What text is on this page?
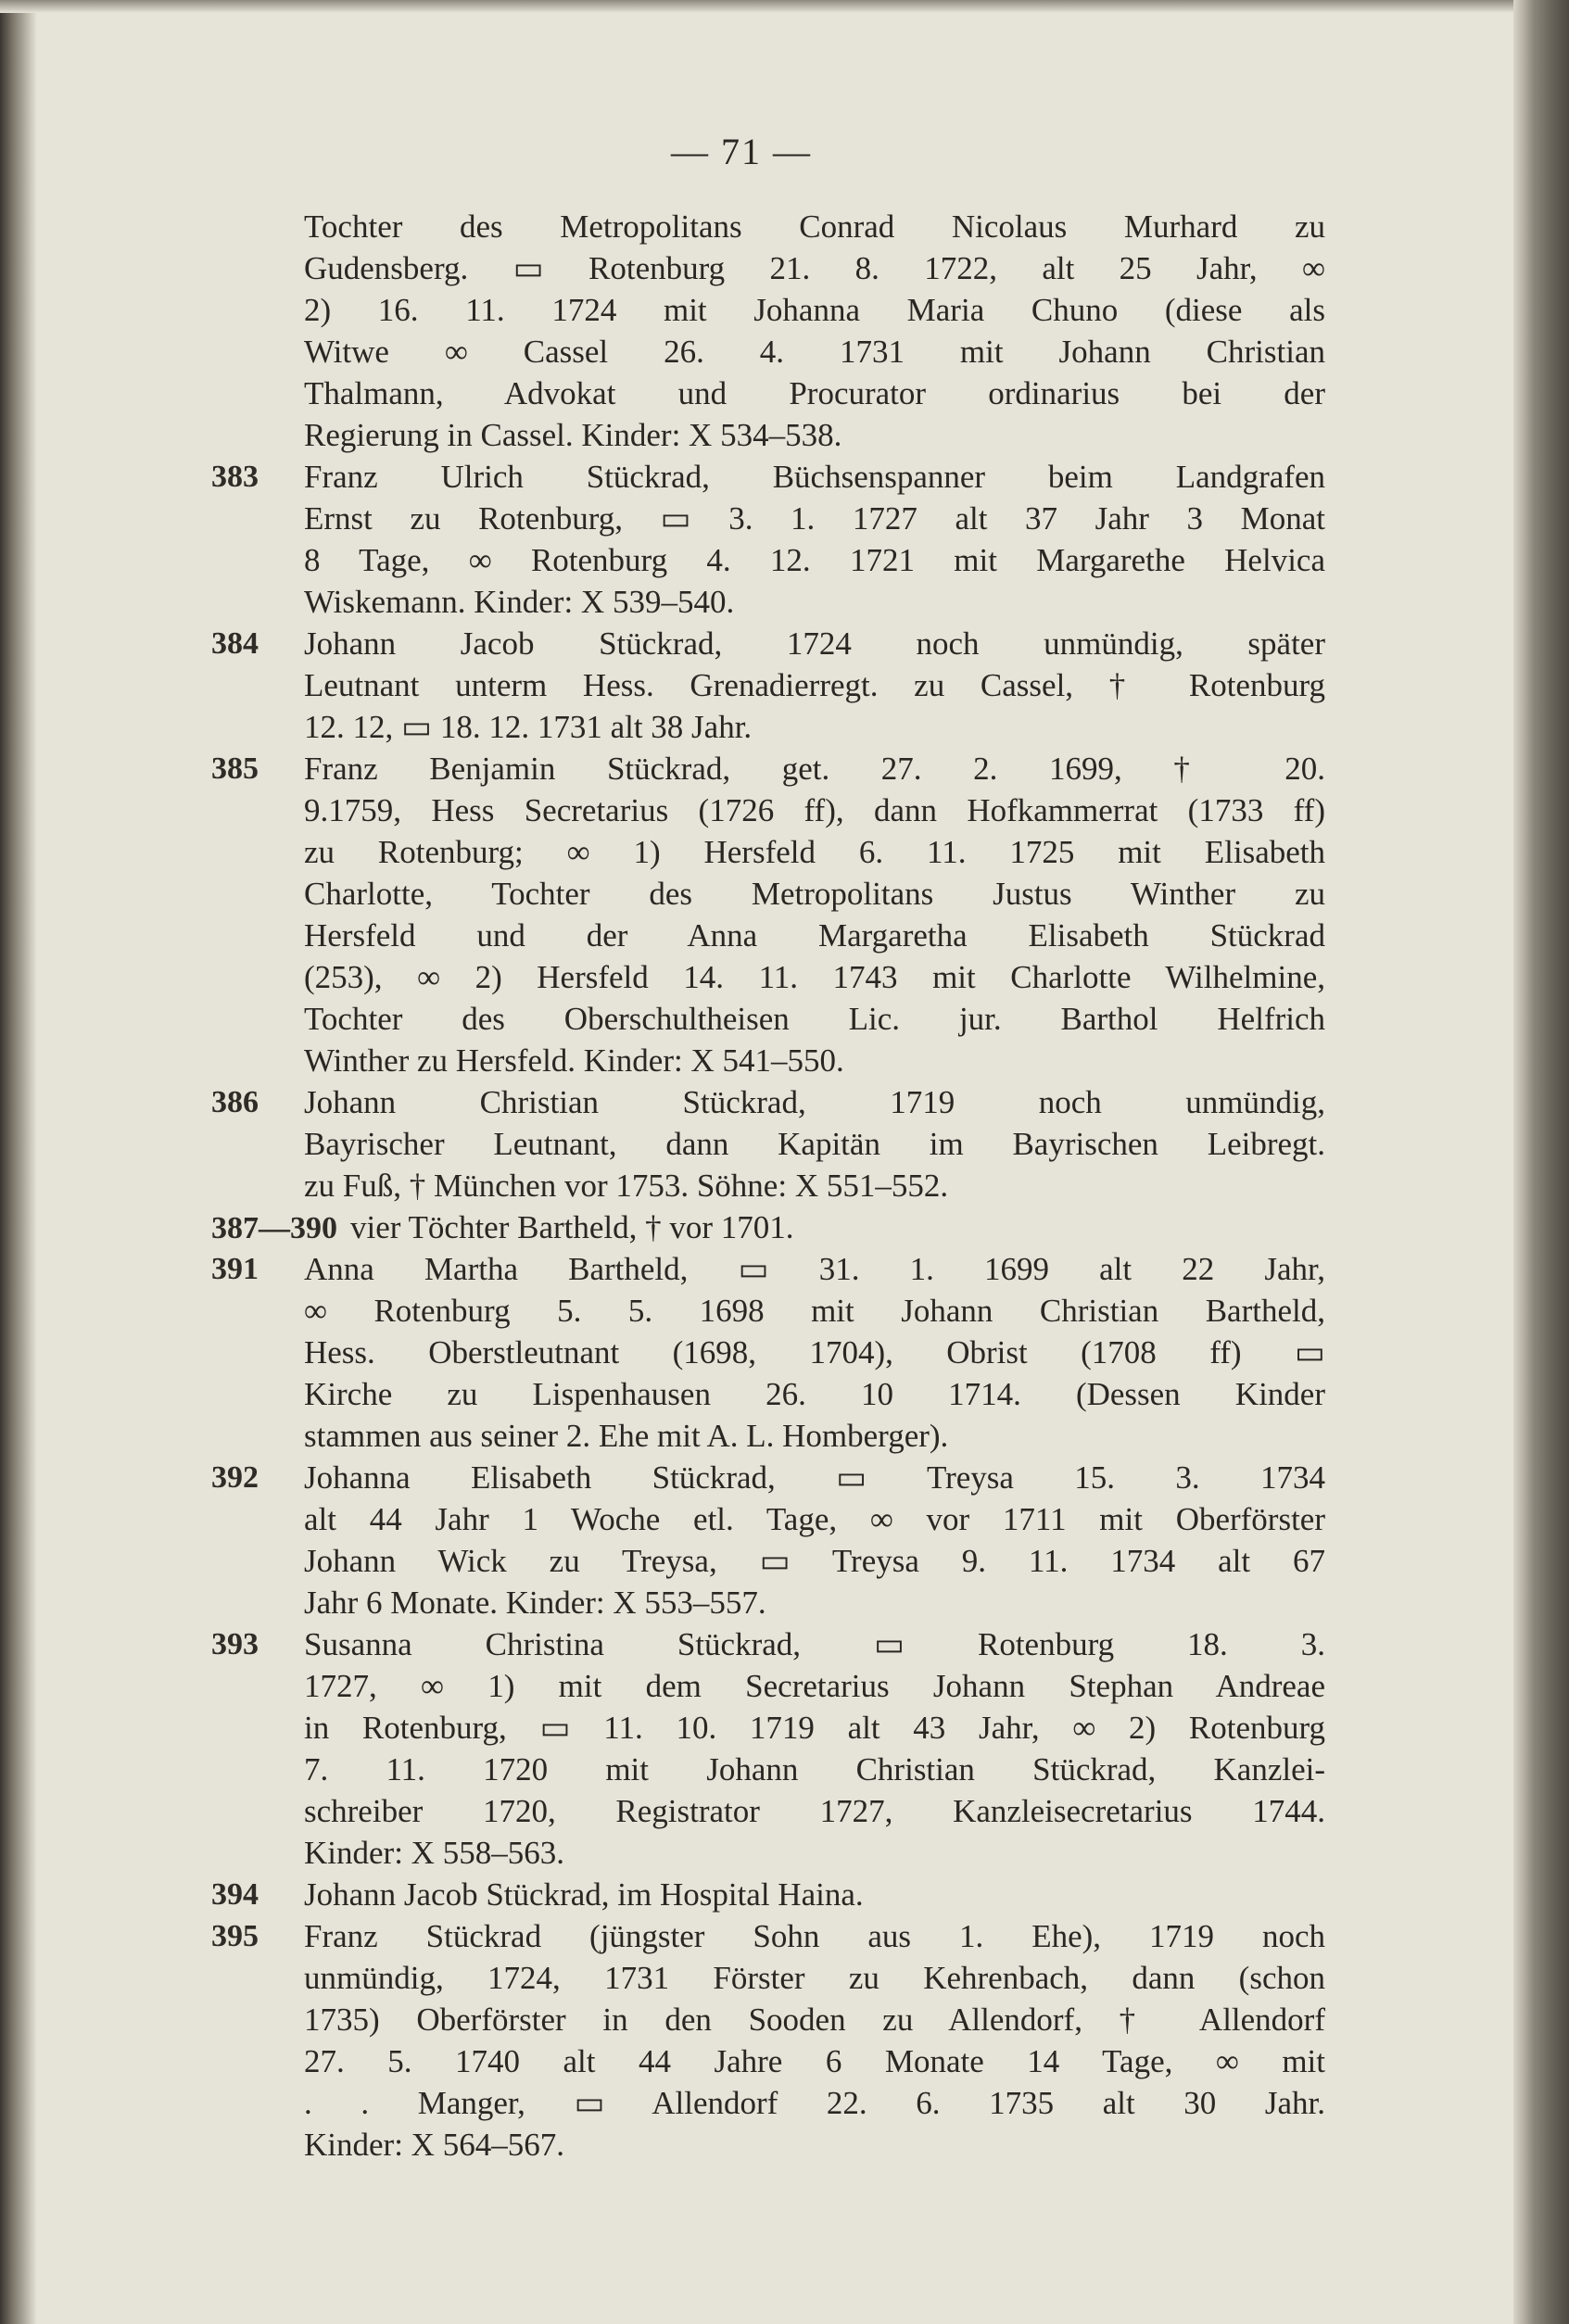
— 71 —
Tochter des Metropolitans Conrad Nicolaus Murhard zu
Gudensberg. ▭ Rotenburg 21. 8. 1722, alt 25 Jahr, ∞
2) 16. 11. 1724 mit Johanna Maria Chuno (diese als
Witwe ∞ Cassel 26. 4. 1731 mit Johann Christian
Thalmann, Advokat und Procurator ordinarius bei der
Regierung in Cassel. Kinder: X 534–538.
383 Franz Ulrich Stückrad, Büchsenspanner beim Landgrafen
Ernst zu Rotenburg, ▭ 3. 1. 1727 alt 37 Jahr 3 Monat
8 Tage, ∞ Rotenburg 4. 12. 1721 mit Margarethe Helvica
Wiskemann. Kinder: X 539–540.
384 Johann Jacob Stückrad, 1724 noch unmündig, später
Leutnant unterm Hess. Grenadierregt. zu Cassel, † Rotenburg
12. 12, ▭ 18. 12. 1731 alt 38 Jahr.
385 Franz Benjamin Stückrad, get. 27. 2. 1699, † 20.
9.1759, Hess Secretarius (1726 ff), dann Hofkammerrat (1733 ff)
zu Rotenburg; ∞ 1) Hersfeld 6. 11. 1725 mit Elisabeth
Charlotte, Tochter des Metropolitans Justus Winther zu
Hersfeld und der Anna Margaretha Elisabeth Stückrad
(253), ∞ 2) Hersfeld 14. 11. 1743 mit Charlotte Wilhelmine,
Tochter des Oberschultheisen Lic. jur. Barthol Helfrich
Winther zu Hersfeld. Kinder: X 541–550.
386 Johann Christian Stückrad, 1719 noch unmündig,
Bayrischer Leutnant, dann Kapitän im Bayrischen Leibregt.
zu Fuß, † München vor 1753. Söhne: X 551–552.
387—390 vier Töchter Bartheld, † vor 1701.
391 Anna Martha Bartheld, ▭ 31. 1. 1699 alt 22 Jahr,
∞ Rotenburg 5. 5. 1698 mit Johann Christian Bartheld,
Hess. Oberstleutnant (1698, 1704), Obrist (1708 ff) ▭
Kirche zu Lispenhausen 26. 10 1714. (Dessen Kinder
stammen aus seiner 2. Ehe mit A. L. Homberger).
392 Johanna Elisabeth Stückrad, ▭ Treysa 15. 3. 1734
alt 44 Jahr 1 Woche etl. Tage, ∞ vor 1711 mit Oberförster
Johann Wick zu Treysa, ▭ Treysa 9. 11. 1734 alt 67
Jahr 6 Monate. Kinder: X 553–557.
393 Susanna Christina Stückrad, ▭ Rotenburg 18. 3.
1727, ∞ 1) mit dem Secretarius Johann Stephan Andreae
in Rotenburg, ▭ 11. 10. 1719 alt 43 Jahr, ∞ 2) Rotenburg
7. 11. 1720 mit Johann Christian Stückrad, Kanzlei-
schreiber 1720, Registrator 1727, Kanzleisecretarius 1744.
Kinder: X 558–563.
394 Johann Jacob Stückrad, im Hospital Haina.
395 Franz Stückrad (jüngster Sohn aus 1. Ehe), 1719 noch
unmündig, 1724, 1731 Förster zu Kehrenbach, dann (schon
1735) Oberförster in den Sooden zu Allendorf, † Allendorf
27. 5. 1740 alt 44 Jahre 6 Monate 14 Tage, ∞ mit
. . Manger, ▭ Allendorf 22. 6. 1735 alt 30 Jahr.
Kinder: X 564–567.
